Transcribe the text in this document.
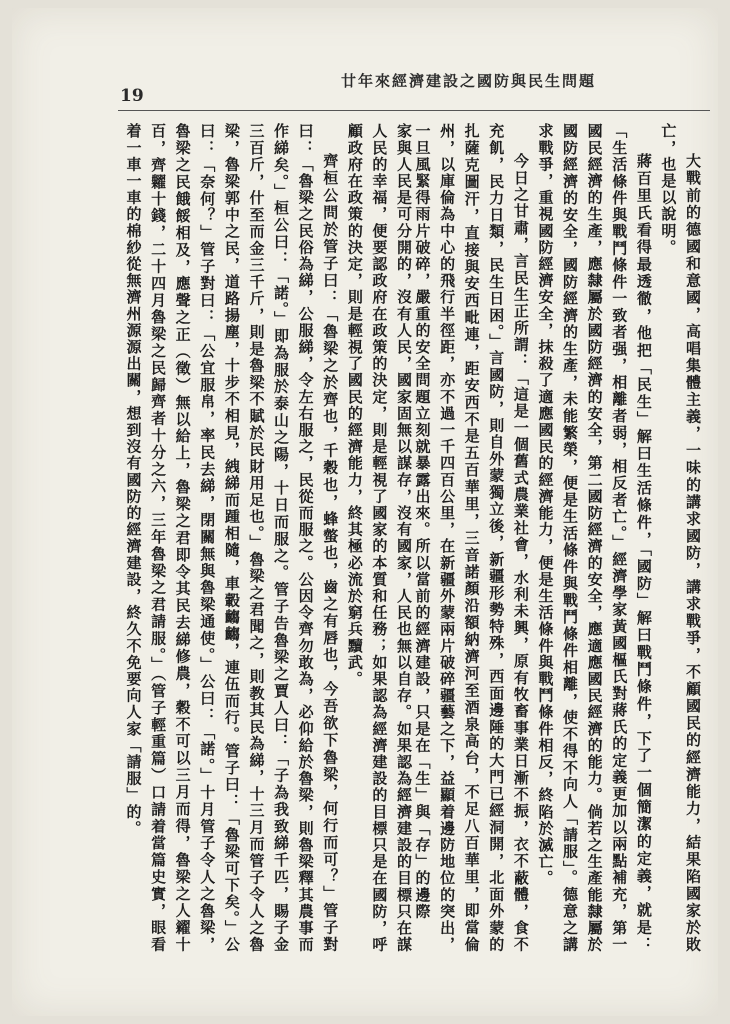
19
廿年來經濟建設之國防與民生問題

大戰前的德國和意國，高唱集體主義，一味的講求國防，講求戰爭，不顧國民的經濟能力，結果陷國家於敗亡，也是以說明。

蔣百里氏看得最透徹，他把「民生」解曰生活條件，「國防」解曰戰鬥條件，下了一個簡潔的定義，就是：「生活條件與戰鬥條件一致者强，相離者弱，相反者亡。」經濟學家黃國樞氏對蔣氏的定義更加以兩點補充，第一國民經濟的生產，應隸屬於國防經濟的安全，第二國防經濟的安全，應適應國民經濟的能力。倘若之生產能隸屬於國防經濟的安全，國防經濟的生產，未能繁榮，便是生活條件與戰鬥條件相離，使不得不向人「請服」。德意之講求戰爭，重視國防經濟安全，抹殺了適應國民的經濟能力，便是生活條件與戰鬥條件相反，終陷於滅亡。

今日之甘肅，言民生正所謂：「這是一個舊式農業社會，水利未興，原有牧畜事業日漸不振，衣不蔽體，食不充飢，民力日類，民生日困。」言國防，則自外蒙獨立後，新疆形勢特殊，西面邊陲的大門已經洞開，北面外蒙的扎薩克圖汗，直接與安西毗連，距安西不是五百華里，三音諾顏沿額納濟河至酒泉高台，不足八百華里，即當倫州，以庫倫為中心的飛行半徑距，亦不過一千四百公里，在新疆外蒙兩片破碎疆藝之下，益顯着邊防地位的突出，一旦風緊得雨片破碎，嚴重的安全問題立刻就暴露出來。所以當前的經濟建設，只是在「生」與「存」的邊際

家與人民是可分開的，沒有人民，國家固無以謀存，沒有國家，人民也無以自存。如果認為經濟建設的目標只在謀人民的幸福，便要認政府在政策的決定，則是輕視了國家的本質和任務；如果認為經濟建設的目標只是在國防，呼顧政府在政策的決定，則是輕視了國民的經濟能力，終其極必流於窮兵黷武。

齊桓公問於管子曰：「魯梁之於齊也，千穀也，蜂螫也，齒之有唇也，今吾欲下魯梁，何行而可？」管子對曰：「魯梁之民俗為綈，公服綈，令左右服之，民從而服之。公因令齊勿敢為，必仰給於魯梁，則魯梁釋其農事而作綈矣。」桓公曰：「諾。」即為服於泰山之陽，十日而服之。管子告魯梁之賈人曰：「子為我致綈千匹，賜子金三百斤，什至而金三千斤，則是魯梁不賦於民財用足也。」魯梁之君聞之，則教其民為綈，十三月而管子令人之魯梁，魯梁郭中之民，道路揚塵，十步不相見，絏綈而踵相隨，車轂齺齺，連伍而行。管子曰：「魯梁可下矣。」公曰：「奈何？」管子對曰：「公宜服帛，率民去綈，閉關無與魯梁通使。」公曰：「諾。」十月管子令人之魯梁，魯梁之民餓餒相及，應聲之正（徵）無以給上，魯梁之君即令其民去綈修農，穀不可以三月而得，魯梁之人糴十百，齊糶十錢，二十四月魯梁之民歸齊者十分之六，三年魯梁之君請服。」（管子輕重篇）口請着當篇史實，眼看着一車一車的棉紗從無濟州源源出關，想到沒有國防的經濟建設，終久不免要向人家「請服」的。
